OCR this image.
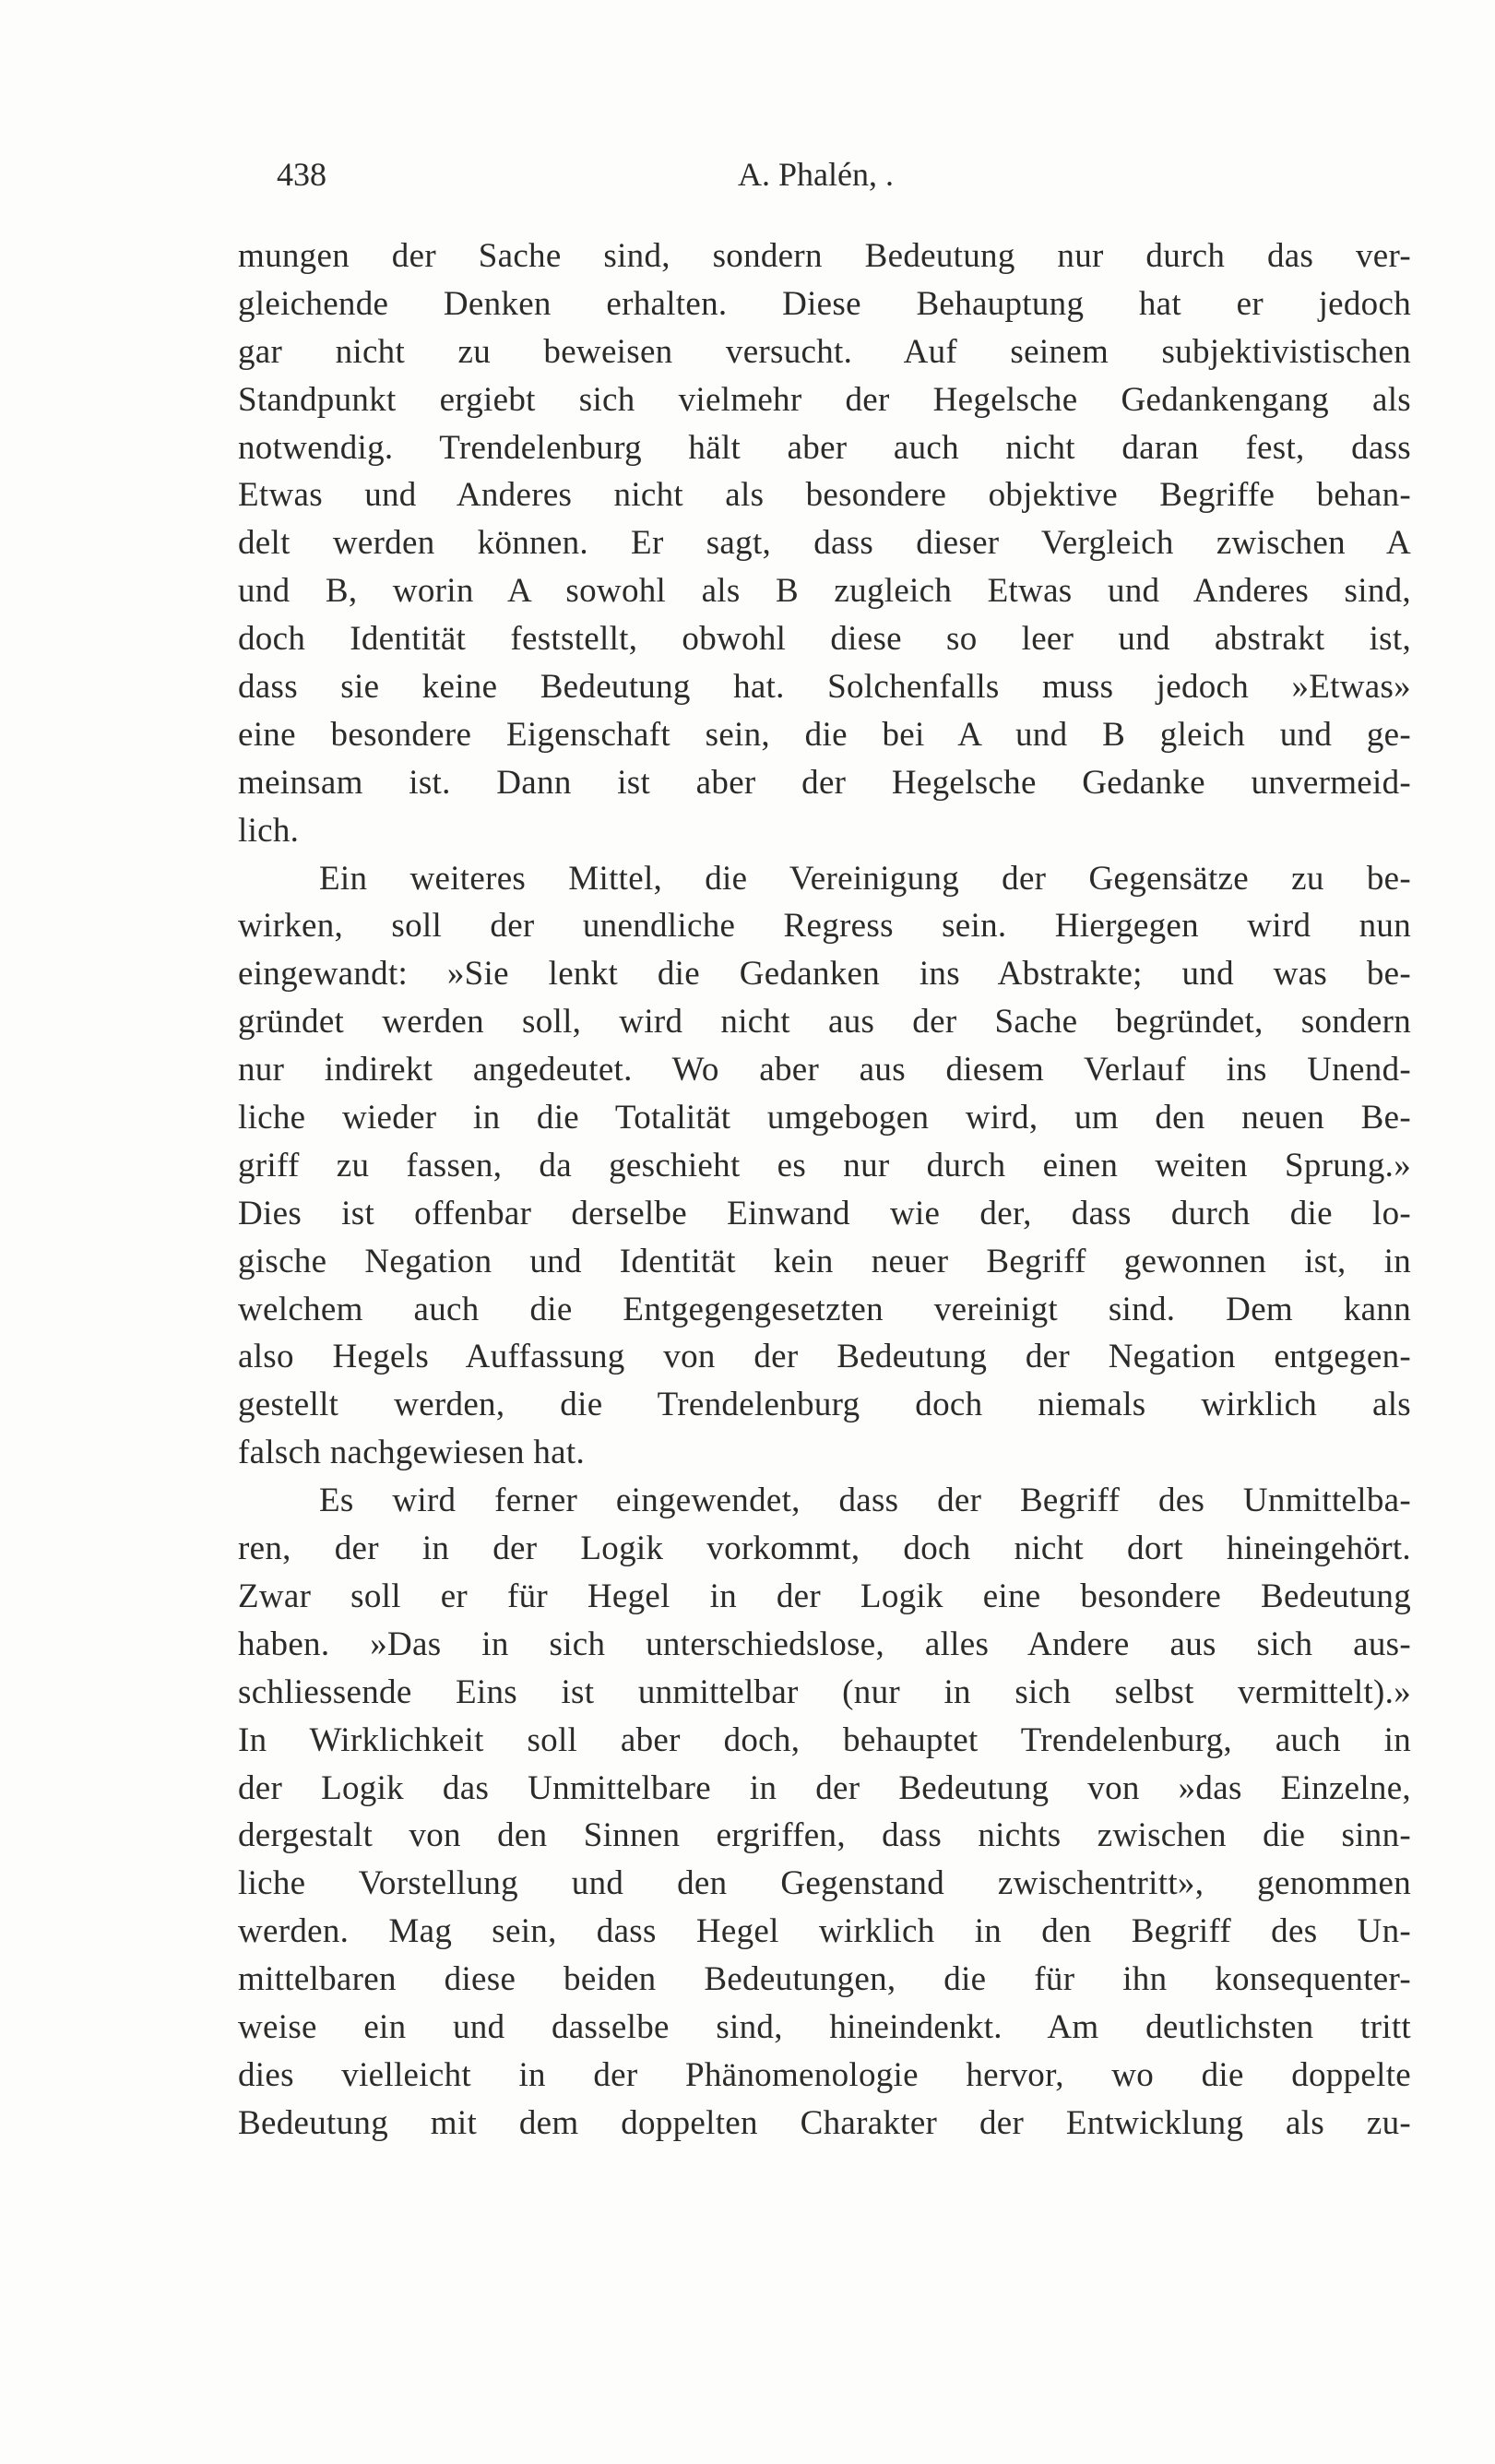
438	A. Phalén, .
mungen der Sache sind, sondern Bedeutung nur durch das ver-
gleichende Denken erhalten. Diese Behauptung hat er jedoch
gar nicht zu beweisen versucht. Auf seinem subjektivistischen
Standpunkt ergiebt sich vielmehr der Hegelsche Gedankengang als
notwendig. Trendelenburg hält aber auch nicht daran fest, dass
Etwas und Anderes nicht als besondere objektive Begriffe behan-
delt werden können. Er sagt, dass dieser Vergleich zwischen A
und B, worin A sowohl als B zugleich Etwas und Anderes sind,
doch Identität feststellt, obwohl diese so leer und abstrakt ist,
dass sie keine Bedeutung hat. Solchenfalls muss jedoch »Etwas»
eine besondere Eigenschaft sein, die bei A und B gleich und ge-
meinsam ist. Dann ist aber der Hegelsche Gedanke unvermeid-
lich.
Ein weiteres Mittel, die Vereinigung der Gegensätze zu be-
wirken, soll der unendliche Regress sein. Hiergegen wird nun
eingewandt: »Sie lenkt die Gedanken ins Abstrakte; und was be-
gründet werden soll, wird nicht aus der Sache begründet, sondern
nur indirekt angedeutet. Wo aber aus diesem Verlauf ins Unend-
liche wieder in die Totalität umgebogen wird, um den neuen Be-
griff zu fassen, da geschieht es nur durch einen weiten Sprung.»
Dies ist offenbar derselbe Einwand wie der, dass durch die lo-
gische Negation und Identität kein neuer Begriff gewonnen ist, in
welchem auch die Entgegengesetzten vereinigt sind. Dem kann
also Hegels Auffassung von der Bedeutung der Negation entgegen-
gestellt werden, die Trendelenburg doch niemals wirklich als
falsch nachgewiesen hat.
Es wird ferner eingewendet, dass der Begriff des Unmittelba-
ren, der in der Logik vorkommt, doch nicht dort hineingehört.
Zwar soll er für Hegel in der Logik eine besondere Bedeutung
haben. »Das in sich unterschiedslose, alles Andere aus sich aus-
schliessende Eins ist unmittelbar (nur in sich selbst vermittelt).»
In Wirklichkeit soll aber doch, behauptet Trendelenburg, auch in
der Logik das Unmittelbare in der Bedeutung von »das Einzelne,
dergestalt von den Sinnen ergriffen, dass nichts zwischen die sinn-
liche Vorstellung und den Gegenstand zwischentritt», genommen
werden. Mag sein, dass Hegel wirklich in den Begriff des Un-
mittelbaren diese beiden Bedeutungen, die für ihn konsequenter-
weise ein und dasselbe sind, hineindenkt. Am deutlichsten tritt
dies vielleicht in der Phänomenologie hervor, wo die doppelte
Bedeutung mit dem doppelten Charakter der Entwicklung als zu-
